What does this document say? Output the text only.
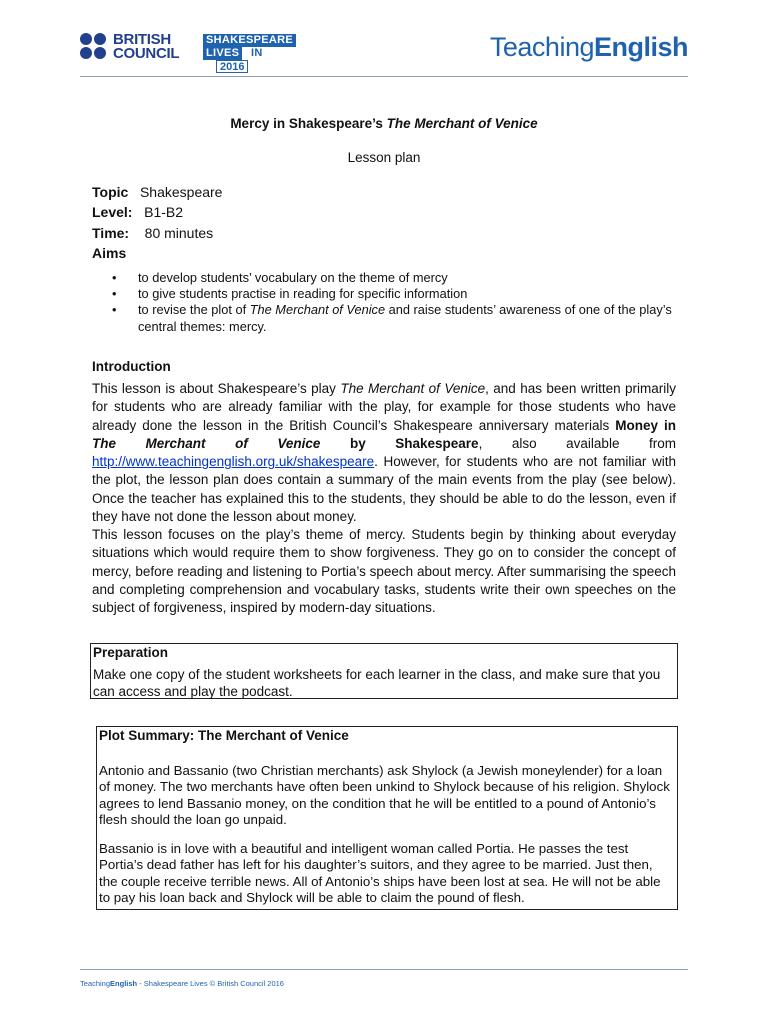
BRITISH
COUNCIL
SHAKESPEARE
LIVES IN
2016
TeachingEnglish
Mercy in Shakespeare’s The Merchant of Venice
Lesson plan
Topic Shakespeare
Level: B1-B2
Time: 80 minutes
Aims
• to develop students’ vocabulary on the theme of mercy
• to give students practise in reading for specific information
• to revise the plot of The Merchant of Venice and raise students’ awareness of one of the play’s central themes: mercy.
Introduction
This lesson is about Shakespeare’s play The Merchant of Venice, and has been written primarily for students who are already familiar with the play, for example for those students who have already done the lesson in the British Council’s Shakespeare anniversary materials Money in The Merchant of Venice by Shakespeare, also available from http://www.teachingenglish.org.uk/shakespeare. However, for students who are not familiar with the plot, the lesson plan does contain a summary of the main events from the play (see below). Once the teacher has explained this to the students, they should be able to do the lesson, even if they have not done the lesson about money.
This lesson focuses on the play’s theme of mercy. Students begin by thinking about everyday situations which would require them to show forgiveness. They go on to consider the concept of mercy, before reading and listening to Portia’s speech about mercy. After summarising the speech and completing comprehension and vocabulary tasks, students write their own speeches on the subject of forgiveness, inspired by modern-day situations.
Preparation
Make one copy of the student worksheets for each learner in the class, and make sure that you can access and play the podcast.
Plot Summary: The Merchant of Venice
Antonio and Bassanio (two Christian merchants) ask Shylock (a Jewish moneylender) for a loan of money. The two merchants have often been unkind to Shylock because of his religion. Shylock agrees to lend Bassanio money, on the condition that he will be entitled to a pound of Antonio’s flesh should the loan go unpaid.
Bassanio is in love with a beautiful and intelligent woman called Portia. He passes the test Portia’s dead father has left for his daughter’s suitors, and they agree to be married. Just then, the couple receive terrible news. All of Antonio’s ships have been lost at sea. He will not be able to pay his loan back and Shylock will be able to claim the pound of flesh.
TeachingEnglish - Shakespeare Lives © British Council 2016
